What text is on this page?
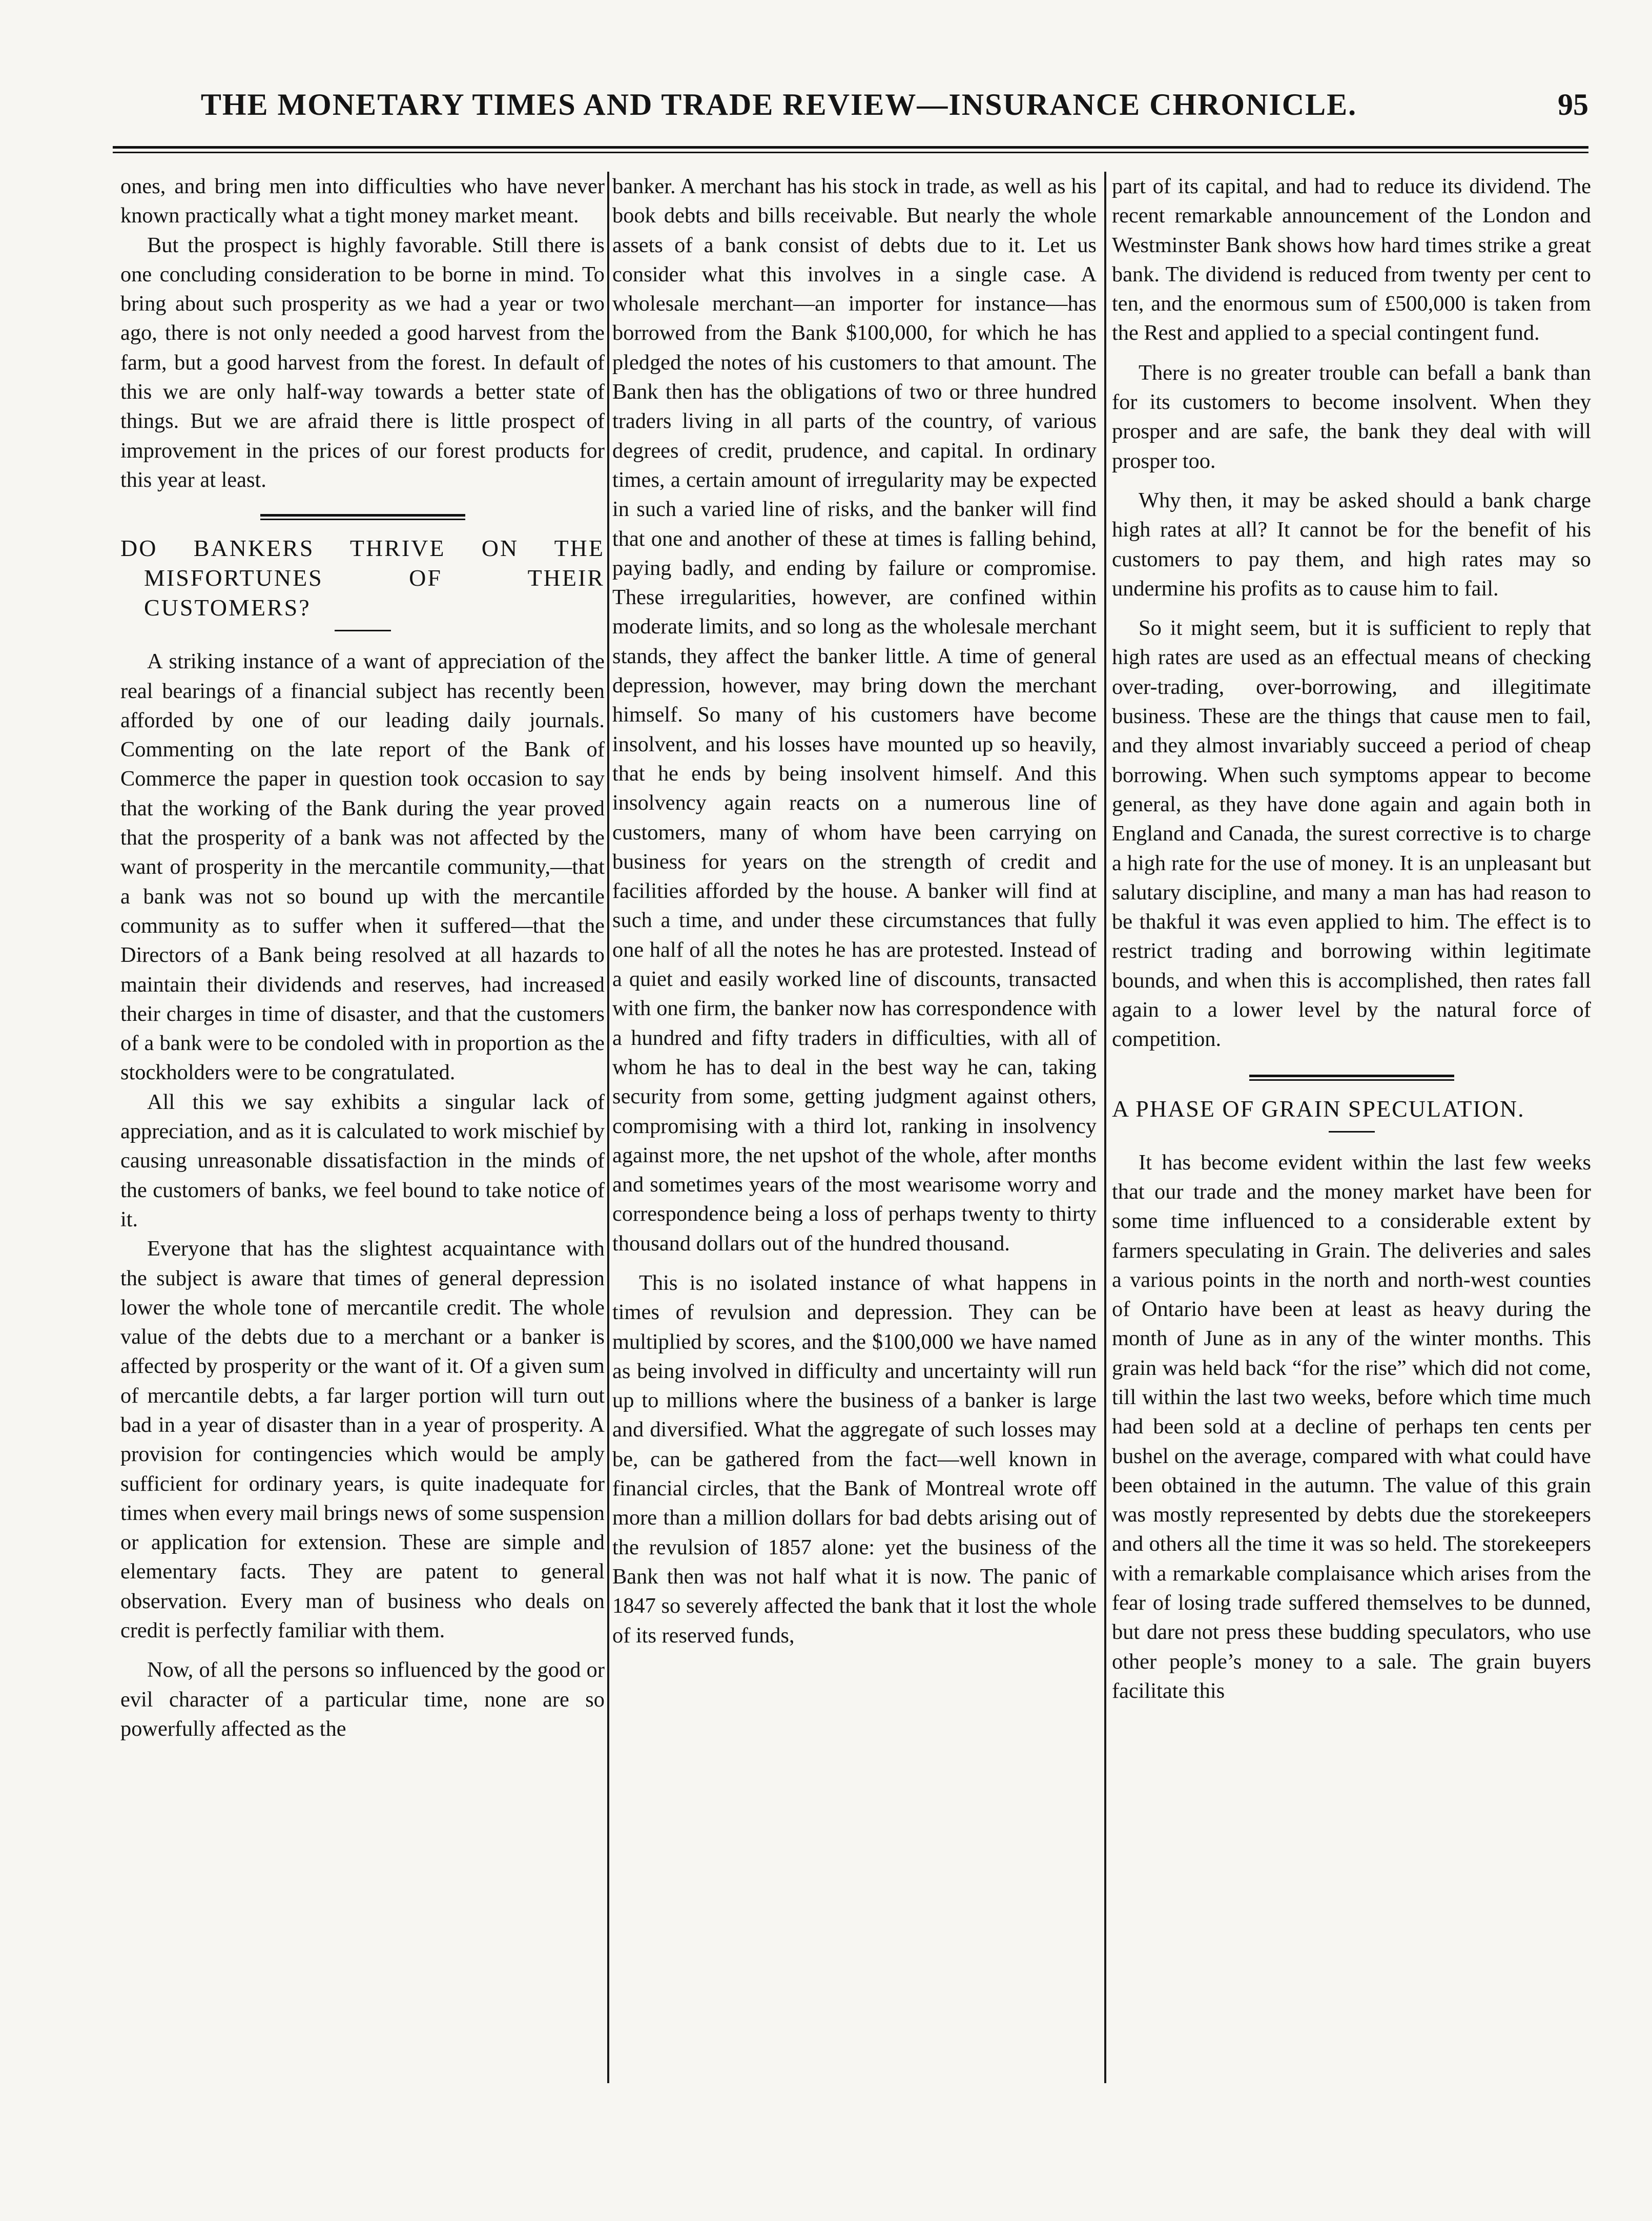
THE MONETARY TIMES AND TRADE REVIEW—INSURANCE CHRONICLE.	95

ones, and bring men into difficulties who have never known practically what a tight money market meant.

But the prospect is highly favorable. Still there is one concluding consideration to be borne in mind. To bring about such prosperity as we had a year or two ago, there is not only needed a good harvest from the farm, but a good harvest from the forest. In default of this we are only half-way towards a better state of things. But we are afraid there is little prospect of improvement in the prices of our forest products for this year at least.

DO BANKERS THRIVE ON THE MISFORTUNES OF THEIR CUSTOMERS?

A striking instance of a want of appreciation of the real bearings of a financial subject has recently been afforded by one of our leading daily journals. Commenting on the late report of the Bank of Commerce the paper in question took occasion to say that the working of the Bank during the year proved that the prosperity of a bank was not affected by the want of prosperity in the mercantile community,—that a bank was not so bound up with the mercantile community as to suffer when it suffered—that the Directors of a Bank being resolved at all hazards to maintain their dividends and reserves, had increased their charges in time of disaster, and that the customers of a bank were to be condoled with in proportion as the stockholders were to be congratulated.

All this we say exhibits a singular lack of appreciation, and as it is calculated to work mischief by causing unreasonable dissatisfaction in the minds of the customers of banks, we feel bound to take notice of it.

Everyone that has the slightest acquaintance with the subject is aware that times of general depression lower the whole tone of mercantile credit. The whole value of the debts due to a merchant or a banker is affected by prosperity or the want of it. Of a given sum of mercantile debts, a far larger portion will turn out bad in a year of disaster than in a year of prosperity. A provision for contingencies which would be amply sufficient for ordinary years, is quite inadequate for times when every mail brings news of some suspension or application for extension. These are simple and elementary facts. They are patent to general observation. Every man of business who deals on credit is perfectly familiar with them.

Now, of all the persons so influenced by the good or evil character of a particular time, none are so powerfully affected as the

banker. A merchant has his stock in trade, as well as his book debts and bills receivable. But nearly the whole assets of a bank consist of debts due to it. Let us consider what this involves in a single case. A wholesale merchant—an importer for instance—has borrowed from the Bank $100,000, for which he has pledged the notes of his customers to that amount. The Bank then has the obligations of two or three hundred traders living in all parts of the country, of various degrees of credit, prudence, and capital. In ordinary times, a certain amount of irregularity may be expected in such a varied line of risks, and the banker will find that one and another of these at times is falling behind, paying badly, and ending by failure or compromise. These irregularities, however, are confined within moderate limits, and so long as the wholesale merchant stands, they affect the banker little. A time of general depression, however, may bring down the merchant himself. So many of his customers have become insolvent, and his losses have mounted up so heavily, that he ends by being insolvent himself. And this insolvency again reacts on a numerous line of customers, many of whom have been carrying on business for years on the strength of credit and facilities afforded by the house. A banker will find at such a time, and under these circumstances that fully one half of all the notes he has are protested. Instead of a quiet and easily worked line of discounts, transacted with one firm, the banker now has correspondence with a hundred and fifty traders in difficulties, with all of whom he has to deal in the best way he can, taking security from some, getting judgment against others, compromising with a third lot, ranking in insolvency against more, the net upshot of the whole, after months and sometimes years of the most wearisome worry and correspondence being a loss of perhaps twenty to thirty thousand dollars out of the hundred thousand.

This is no isolated instance of what happens in times of revulsion and depression. They can be multiplied by scores, and the $100,000 we have named as being involved in difficulty and uncertainty will run up to millions where the business of a banker is large and diversified. What the aggregate of such losses may be, can be gathered from the fact—well known in financial circles, that the Bank of Montreal wrote off more than a million dollars for bad debts arising out of the revulsion of 1857 alone: yet the business of the Bank then was not half what it is now. The panic of 1847 so severely affected the bank that it lost the whole of its reserved funds,

part of its capital, and had to reduce its dividend. The recent remarkable announcement of the London and Westminster Bank shows how hard times strike a great bank. The dividend is reduced from twenty per cent to ten, and the enormous sum of £500,000 is taken from the Rest and applied to a special contingent fund.

There is no greater trouble can befall a bank than for its customers to become insolvent. When they prosper and are safe, the bank they deal with will prosper too.

Why then, it may be asked should a bank charge high rates at all? It cannot be for the benefit of his customers to pay them, and high rates may so undermine his profits as to cause him to fail.

So it might seem, but it is sufficient to reply that high rates are used as an effectual means of checking over-trading, over-borrowing, and illegitimate business. These are the things that cause men to fail, and they almost invariably succeed a period of cheap borrowing. When such symptoms appear to become general, as they have done again and again both in England and Canada, the surest corrective is to charge a high rate for the use of money. It is an unpleasant but salutary discipline, and many a man has had reason to be thakful it was even applied to him. The effect is to restrict trading and borrowing within legitimate bounds, and when this is accomplished, then rates fall again to a lower level by the natural force of competition.

A PHASE OF GRAIN SPECULATION.

It has become evident within the last few weeks that our trade and the money market have been for some time influenced to a considerable extent by farmers speculating in Grain. The deliveries and sales a various points in the north and north-west counties of Ontario have been at least as heavy during the month of June as in any of the winter months. This grain was held back “for the rise” which did not come, till within the last two weeks, before which time much had been sold at a decline of perhaps ten cents per bushel on the average, compared with what could have been obtained in the autumn. The value of this grain was mostly represented by debts due the storekeepers and others all the time it was so held. The storekeepers with a remarkable complaisance which arises from the fear of losing trade suffered themselves to be dunned, but dare not press these budding speculators, who use other people’s money to a sale. The grain buyers facilitate this
